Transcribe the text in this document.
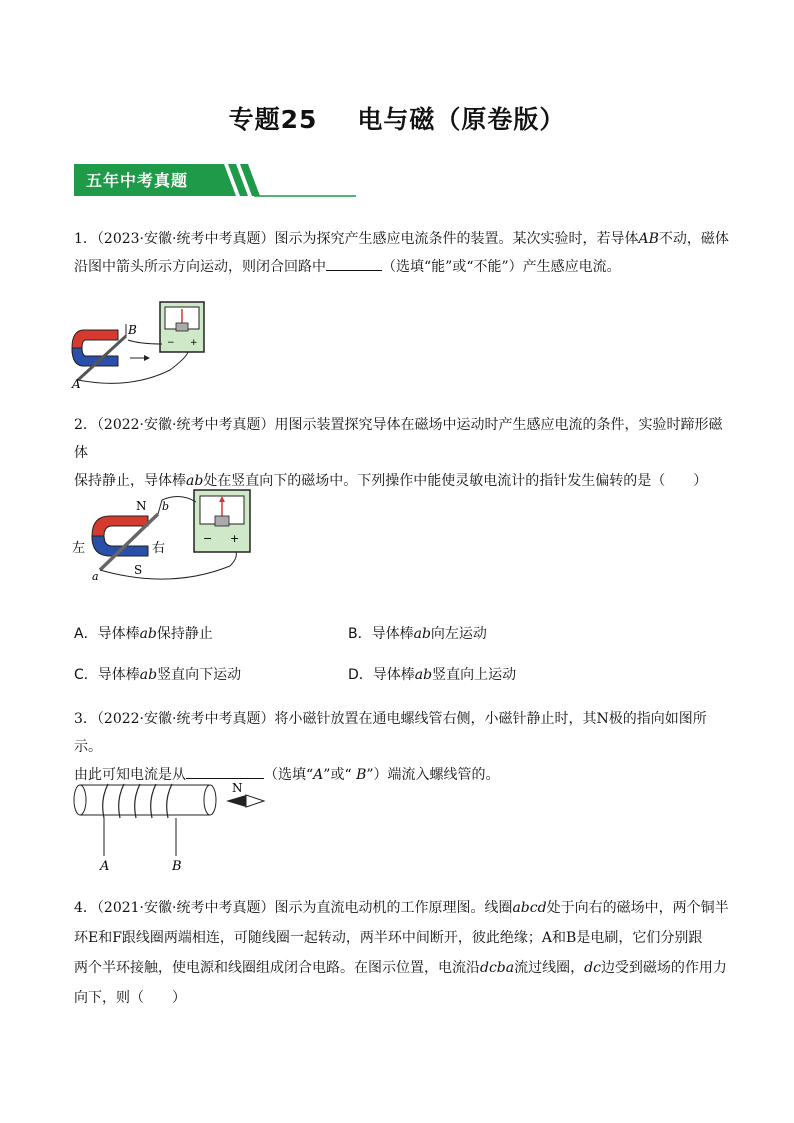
专题25 电与磁（原卷版）
五年中考真题

1．（2023·安徽·统考中考真题）图示为探究产生感应电流条件的装置。某次实验时，若导体AB不动，磁体
沿图中箭头所示方向运动，则闭合回路中	（选填“能”或“不能”）产生感应电流。

− +
B
A

2．（2022·安徽·统考中考真题）用图示装置探究导体在磁场中运动时产生感应电流的条件，实验时蹄形磁体
保持静止，导体棒ab处在竖直向下的磁场中。下列操作中能使灵敏电流计的指针发生偏转的是（　　）

− +
N
S
左	右
b
a
A．导体棒ab保持静止	B．导体棒ab向左运动
C．导体棒ab竖直向下运动	D．导体棒ab竖直向上运动

3．（2022·安徽·统考中考真题）将小磁针放置在通电螺线管右侧，小磁针静止时，其N极的指向如图所示。
由此可知电流是从	（选填“A”或“ B”）端流入螺线管的。

A	B
N

4．（2021·安徽·统考中考真题）图示为直流电动机的工作原理图。线圈abcd处于向右的磁场中，两个铜半
环E和F跟线圈两端相连，可随线圈一起转动，两半环中间断开，彼此绝缘；A和B是电刷，它们分别跟
两个半环接触，使电源和线圈组成闭合电路。在图示位置，电流沿dcba流过线圈，dc边受到磁场的作用力
向下，则（　　）
